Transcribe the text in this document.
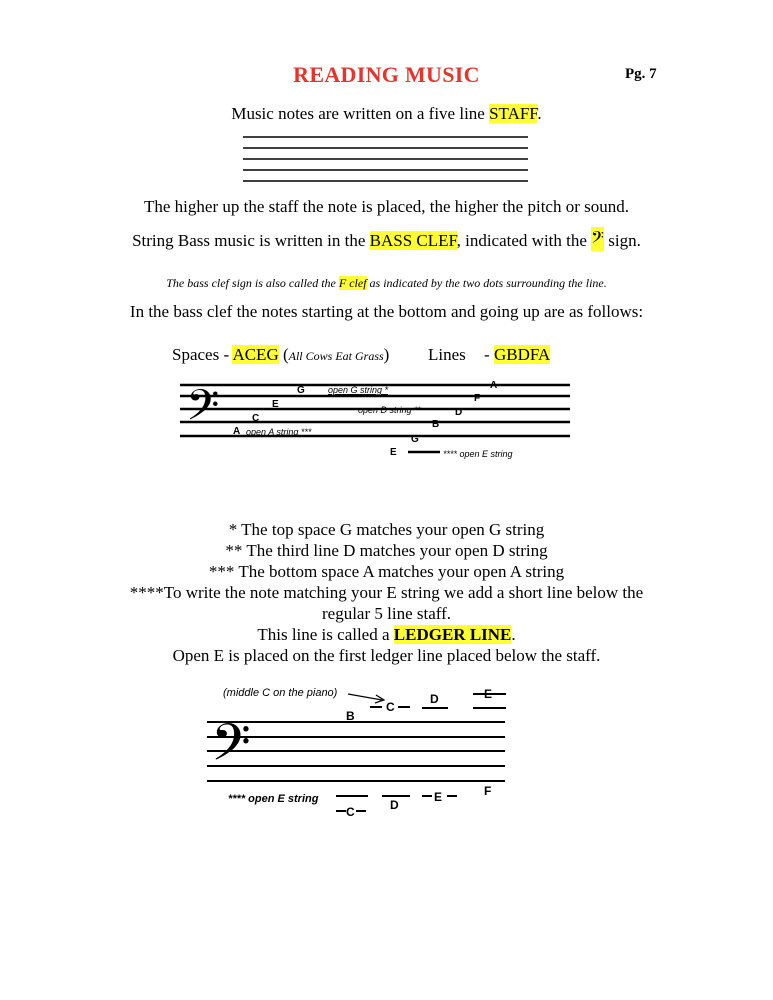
READING MUSIC	Pg. 7
Music notes are written on a five line STAFF.
The higher up the staff the note is placed, the higher the pitch or sound.
String Bass music is written in the BASS CLEF, indicated with the 𝄢 sign.
The bass clef sign is also called the F clef as indicated by the two dots surrounding the line.
In the bass clef the notes starting at the bottom and going up are as follows:
Spaces - ACEG (All Cows Eat Grass) Lines - GBDFA
𝄢	A
F
D
B
G
E
G
E
C
A
open G string *
open D string **
open A string ***
**** open E string
* The top space G matches your open G string
** The third line D matches your open D string
*** The bottom space A matches your open A string
****To write the note matching your E string we add a short line below the
regular 5 line staff.
This line is called a LEDGER LINE.
Open E is placed on the first ledger line placed below the staff.
𝄢
C
D	E
B
F
D
E
C
(middle C on the piano)
**** open E string
